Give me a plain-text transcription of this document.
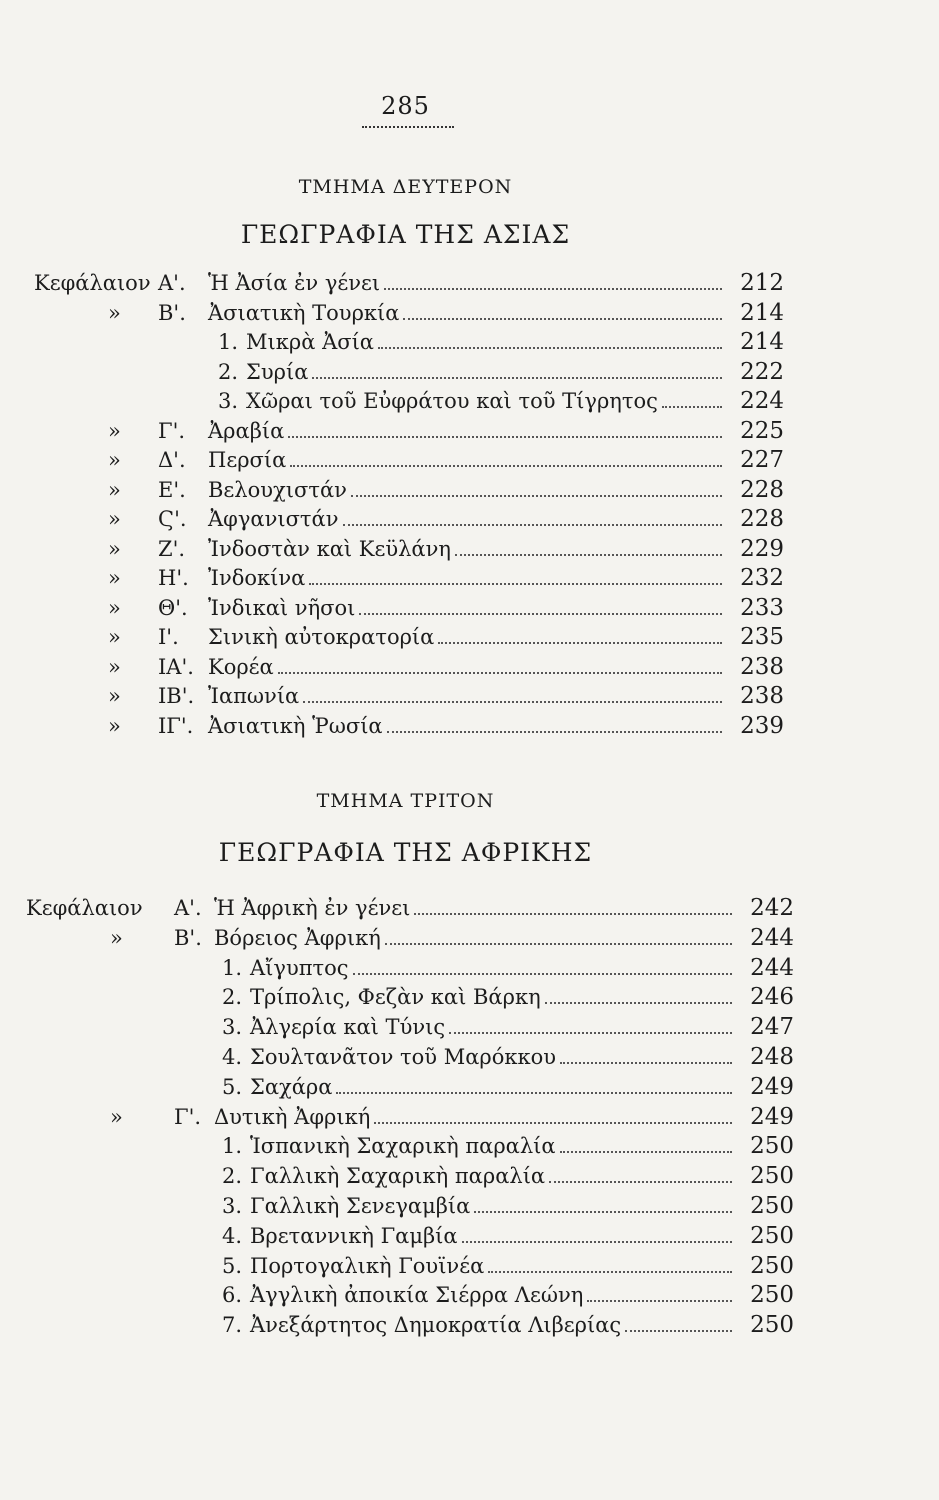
285
ΤΜΗΜΑ ΔΕΥΤΕΡΟΝ
ΓΕΩΓΡΑΦΙΑ ΤΗΣ ΑΣΙΑΣ
Κεφάλαιον Α'. Ἡ Ἀσία ἐν γένει	212
» Β'. Ἀσιατικὴ Τουρκία	214
1. Μικρὰ Ἀσία	214
2. Συρία	222
3. Χῶραι τοῦ Εὐφράτου καὶ τοῦ Τίγρητος	224
» Γ'. Ἀραβία	225
» Δ'. Περσία	227
» Ε'. Βελουχιστάν	228
» Ϛ'. Ἀφγανιστάν	228
» Ζ'. Ἰνδοστὰν καὶ Κεϋλάνη	229
» Η'. Ἰνδοκίνα	232
» Θ'. Ἰνδικαὶ νῆσοι	233
» Ι'. Σινικὴ αὐτοκρατορία	235
» ΙΑ'. Κορέα	238
» ΙΒ'. Ἰαπωνία	238
» ΙΓ'. Ἀσιατικὴ Ῥωσία	239
ΤΜΗΜΑ ΤΡΙΤΟΝ
ΓΕΩΓΡΑΦΙΑ ΤΗΣ ΑΦΡΙΚΗΣ
Κεφάλαιον Α'. Ἡ Ἀφρικὴ ἐν γένει	242
» Β'. Βόρειος Ἀφρική	244
1. Αἴγυπτος	244
2. Τρίπολις, Φεζὰν καὶ Βάρκη	246
3. Ἀλγερία καὶ Τύνις	247
4. Σουλτανᾶτον τοῦ Μαρόκκου	248
5. Σαχάρα	249
» Γ'. Δυτικὴ Ἀφρική	249
1. Ἱσπανικὴ Σαχαρικὴ παραλία	250
2. Γαλλικὴ Σαχαρικὴ παραλία	250
3. Γαλλικὴ Σενεγαμβία	250
4. Βρεταννικὴ Γαμβία	250
5. Πορτογαλικὴ Γουϊνέα	250
6. Ἀγγλικὴ ἀποικία Σιέρρα Λεώνη	250
7. Ἀνεξάρτητος Δημοκρατία Λιβερίας	250
